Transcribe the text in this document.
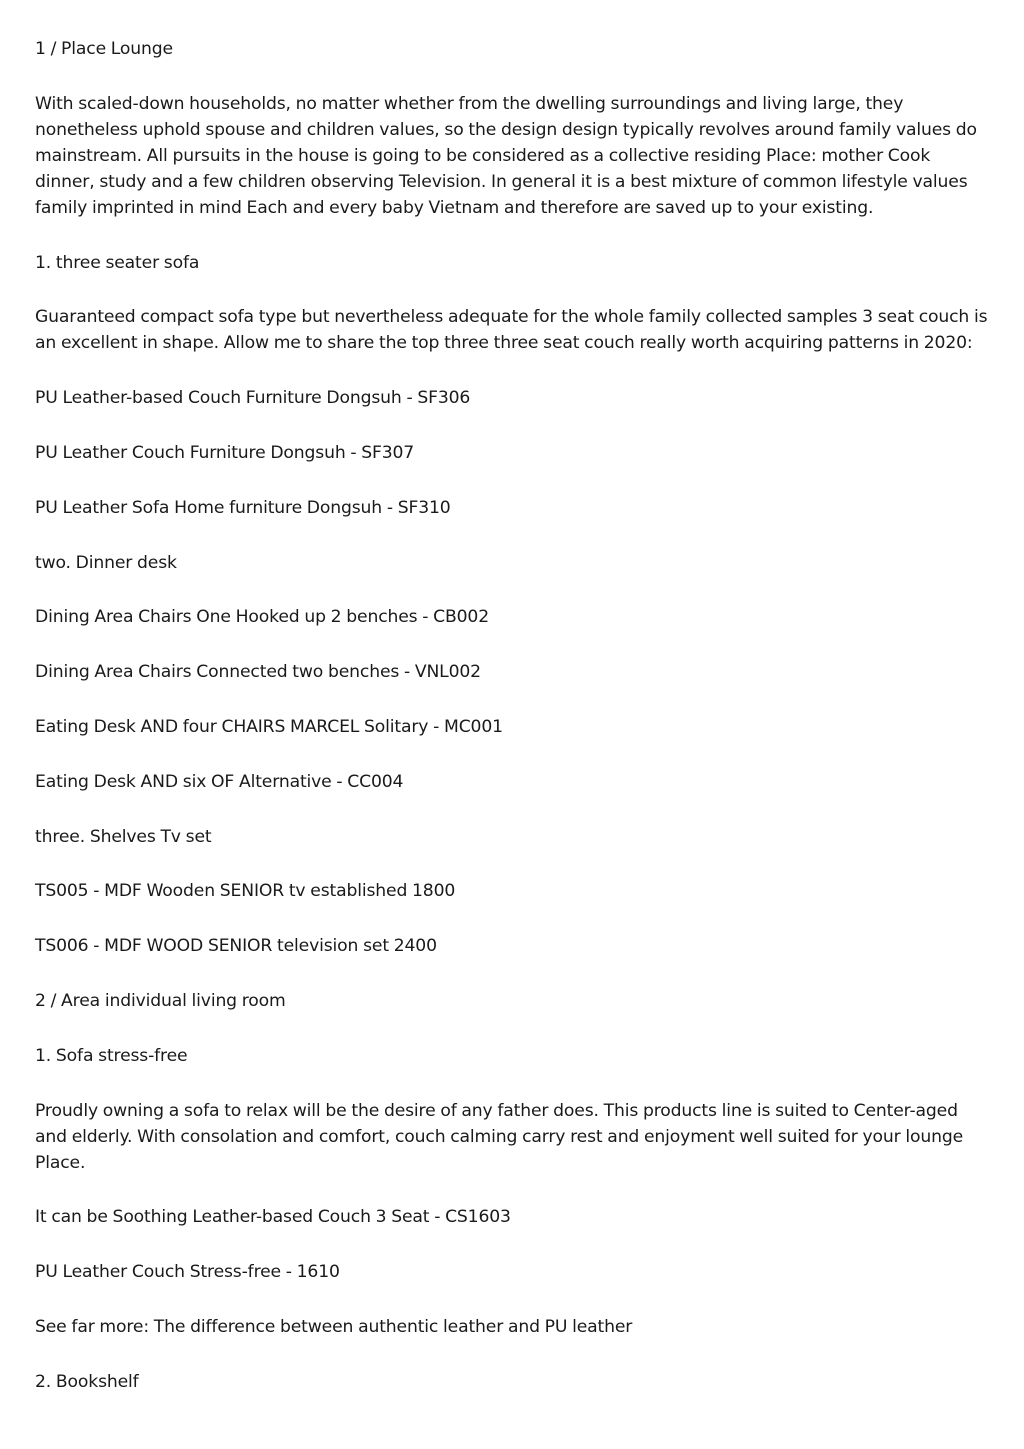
1 / Place Lounge

With scaled-down households, no matter whether from the dwelling surroundings and living large, they nonetheless uphold spouse and children values, so the design design typically revolves around family values do mainstream. All pursuits in the house is going to be considered as a collective residing Place: mother Cook dinner, study and a few children observing Television. In general it is a best mixture of common lifestyle values family imprinted in mind Each and every baby Vietnam and therefore are saved up to your existing.

1. three seater sofa

Guaranteed compact sofa type but nevertheless adequate for the whole family collected samples 3 seat couch is an excellent in shape. Allow me to share the top three three seat couch really worth acquiring patterns in 2020:

PU Leather-based Couch Furniture Dongsuh - SF306

PU Leather Couch Furniture Dongsuh - SF307

PU Leather Sofa Home furniture Dongsuh - SF310

two. Dinner desk

Dining Area Chairs One Hooked up 2 benches - CB002

Dining Area Chairs Connected two benches - VNL002

Eating Desk AND four CHAIRS MARCEL Solitary - MC001

Eating Desk AND six OF Alternative - CC004

three. Shelves Tv set

TS005 - MDF Wooden SENIOR tv established 1800

TS006 - MDF WOOD SENIOR television set 2400

2 / Area individual living room

1. Sofa stress-free

Proudly owning a sofa to relax will be the desire of any father does. This products line is suited to Center-aged and elderly. With consolation and comfort, couch calming carry rest and enjoyment well suited for your lounge Place.

It can be Soothing Leather-based Couch 3 Seat - CS1603

PU Leather Couch Stress-free - 1610

See far more: The difference between authentic leather and PU leather

2. Bookshelf
